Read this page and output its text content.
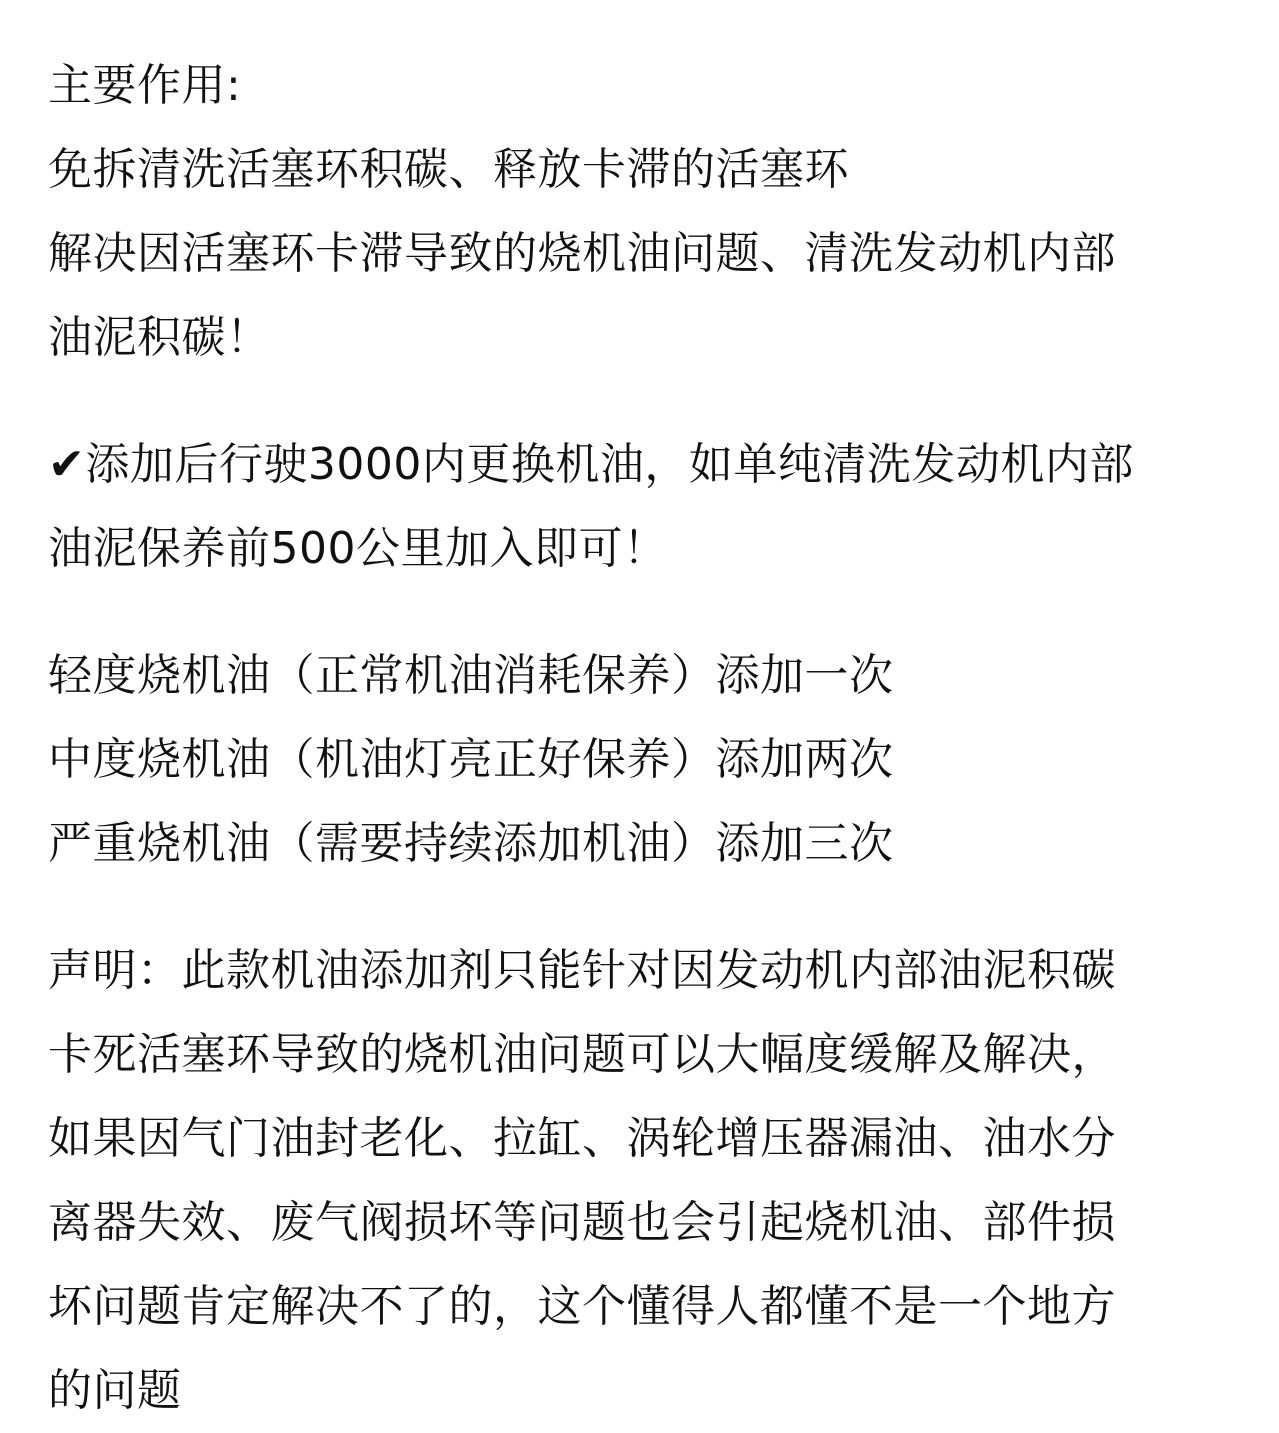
主要作用:
免拆清洗活塞环积碳、释放卡滞的活塞环
解决因活塞环卡滞导致的烧机油问题、清洗发动机内部
油泥积碳！
✔添加后行驶3000内更换机油，如单纯清洗发动机内部
油泥保养前500公里加入即可！
轻度烧机油（正常机油消耗保养）添加一次
中度烧机油（机油灯亮正好保养）添加两次
严重烧机油（需要持续添加机油）添加三次
声明：此款机油添加剂只能针对因发动机内部油泥积碳
卡死活塞环导致的烧机油问题可以大幅度缓解及解决，
如果因气门油封老化、拉缸、涡轮增压器漏油、油水分
离器失效、废气阀损坏等问题也会引起烧机油、部件损
坏问题肯定解决不了的，这个懂得人都懂不是一个地方
的问题
